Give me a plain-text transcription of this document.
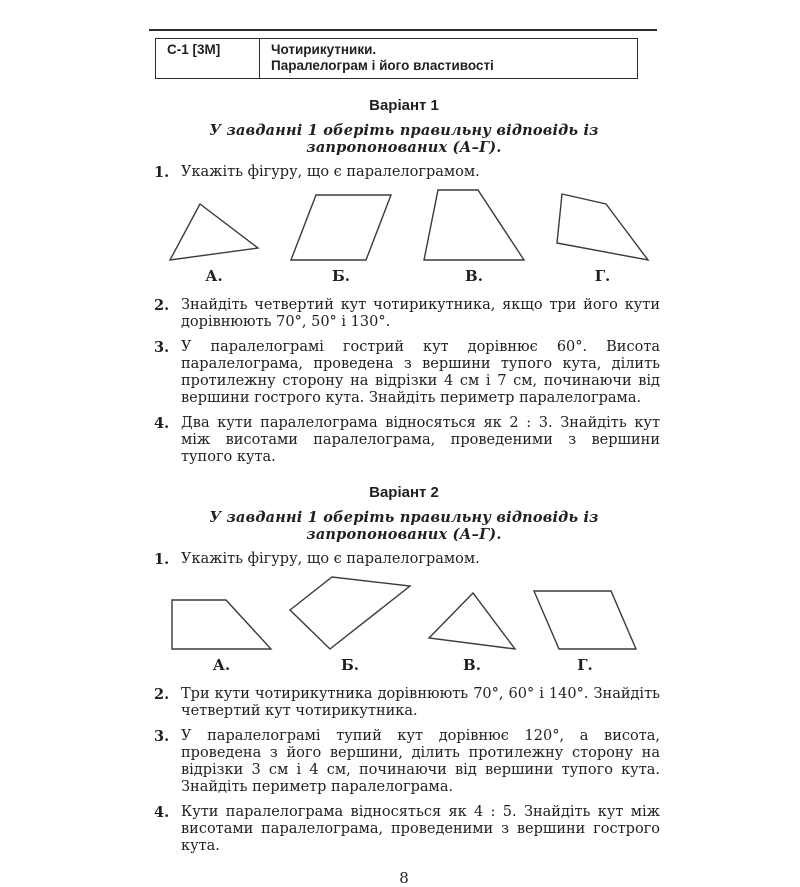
С-1 [3М]	Чотирикутники.
Паралелограм і його властивості
Варіант 1
У завданні 1 оберіть правильну відповідь із запропонованих (А–Г).
1. Укажіть фігуру, що є паралелограмом.
А.	Б.	В.	Г.
2. Знайдіть четвертий кут чотирикутника, якщо три його кути дорівнюють 70°, 50° і 130°.
3. У паралелограмі гострий кут дорівнює 60°. Висота паралелограма, проведена з вершини тупого кута, ділить протилежну сторону на відрізки 4 см і 7 см, починаючи від вершини гострого кута. Знайдіть периметр паралелограма.
4. Два кути паралелограма відносяться як 2 : 3. Знайдіть кут між висотами паралелограма, проведеними з вершини тупого кута.
Варіант 2
У завданні 1 оберіть правильну відповідь із запропонованих (А–Г).
1. Укажіть фігуру, що є паралелограмом.
А.	Б.	В.	Г.
2. Три кути чотирикутника дорівнюють 70°, 60° і 140°. Знайдіть четвертий кут чотирикутника.
3. У паралелограмі тупий кут дорівнює 120°, а висота, проведена з його вершини, ділить протилежну сторону на відрізки 3 см і 4 см, починаючи від вершини тупого кута. Знайдіть периметр паралелограма.
4. Кути паралелограма відносяться як 4 : 5. Знайдіть кут між висотами паралелограма, проведеними з вершини гострого кута.
8
